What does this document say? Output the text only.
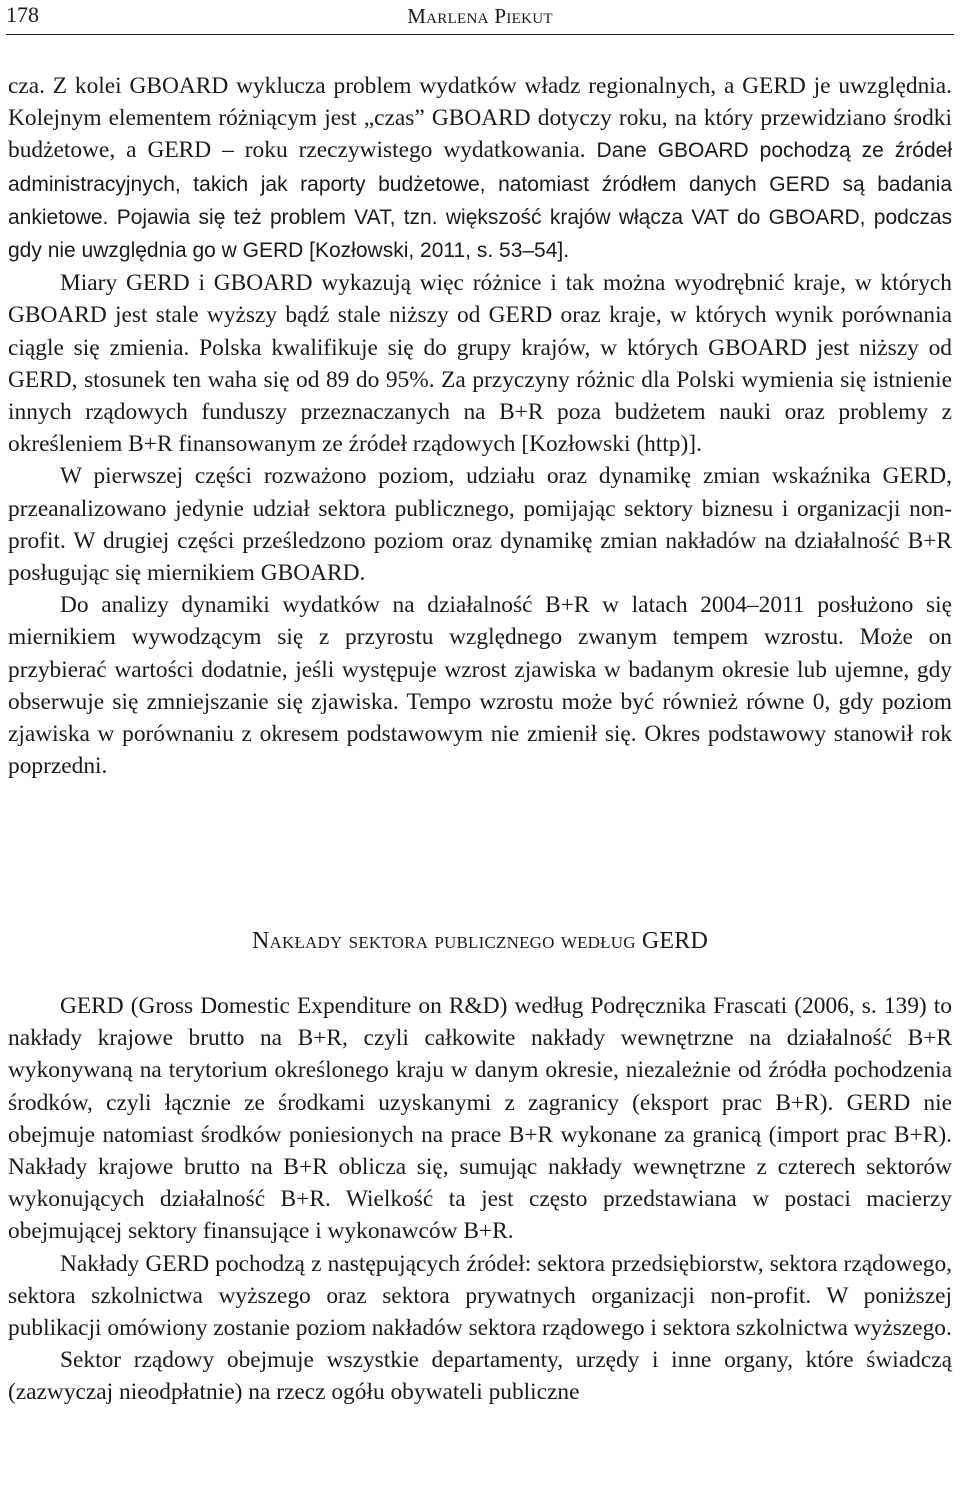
178	Marlena Piekut

cza. Z kolei GBOARD wyklucza problem wydatków władz regionalnych, a GERD je uwzględnia. Kolejnym elementem różniącym jest „czas” GBOARD dotyczy roku, na który przewidziano środki budżetowe, a GERD – roku rzeczywistego wydatkowania. Dane GBOARD pochodzą ze źródeł administracyjnych, takich jak raporty budżetowe, natomiast źródłem danych GERD są badania ankietowe. Pojawia się też problem VAT, tzn. większość krajów włącza VAT do GBOARD, podczas gdy nie uwzględnia go w GERD [Kozłowski, 2011, s. 53–54].

Miary GERD i GBOARD wykazują więc różnice i tak można wyodrębnić kraje, w których GBOARD jest stale wyższy bądź stale niższy od GERD oraz kraje, w których wynik porównania ciągle się zmienia. Polska kwalifikuje się do grupy krajów, w których GBOARD jest niższy od GERD, stosunek ten waha się od 89 do 95%. Za przyczyny różnic dla Polski wymienia się istnienie innych rządowych funduszy przeznaczanych na B+R poza budżetem nauki oraz problemy z określeniem B+R finansowanym ze źródeł rządowych [Kozłowski (http)].

W pierwszej części rozważono poziom, udziału oraz dynamikę zmian wskaźnika GERD, przeanalizowano jedynie udział sektora publicznego, pomijając sektory biznesu i organizacji non-profit. W drugiej części prześledzono poziom oraz dynamikę zmian nakładów na działalność B+R posługując się miernikiem GBOARD.

Do analizy dynamiki wydatków na działalność B+R w latach 2004–2011 posłużono się miernikiem wywodzącym się z przyrostu względnego zwanym tempem wzrostu. Może on przybierać wartości dodatnie, jeśli występuje wzrost zjawiska w badanym okresie lub ujemne, gdy obserwuje się zmniejszanie się zjawiska. Tempo wzrostu może być również równe 0, gdy poziom zjawiska w porównaniu z okresem podstawowym nie zmienił się. Okres podstawowy stanowił rok poprzedni.

Nakłady sektora publicznego według GERD

GERD (Gross Domestic Expenditure on R&D) według Podręcznika Frascati (2006, s. 139) to nakłady krajowe brutto na B+R, czyli całkowite nakłady wewnętrzne na działalność B+R wykonywaną na terytorium określonego kraju w danym okresie, niezależnie od źródła pochodzenia środków, czyli łącznie ze środkami uzyskanymi z zagranicy (eksport prac B+R). GERD nie obejmuje natomiast środków poniesionych na prace B+R wykonane za granicą (import prac B+R). Nakłady krajowe brutto na B+R oblicza się, sumując nakłady wewnętrzne z czterech sektorów wykonujących działalność B+R. Wielkość ta jest często przedstawiana w postaci macierzy obejmującej sektory finansujące i wykonawców B+R.

Nakłady GERD pochodzą z następujących źródeł: sektora przedsiębiorstw, sektora rządowego, sektora szkolnictwa wyższego oraz sektora prywatnych organizacji non-profit. W poniższej publikacji omówiony zostanie poziom nakładów sektora rządowego i sektora szkolnictwa wyższego.

Sektor rządowy obejmuje wszystkie departamenty, urzędy i inne organy, które świadczą (zazwyczaj nieodpłatnie) na rzecz ogółu obywateli publiczne
